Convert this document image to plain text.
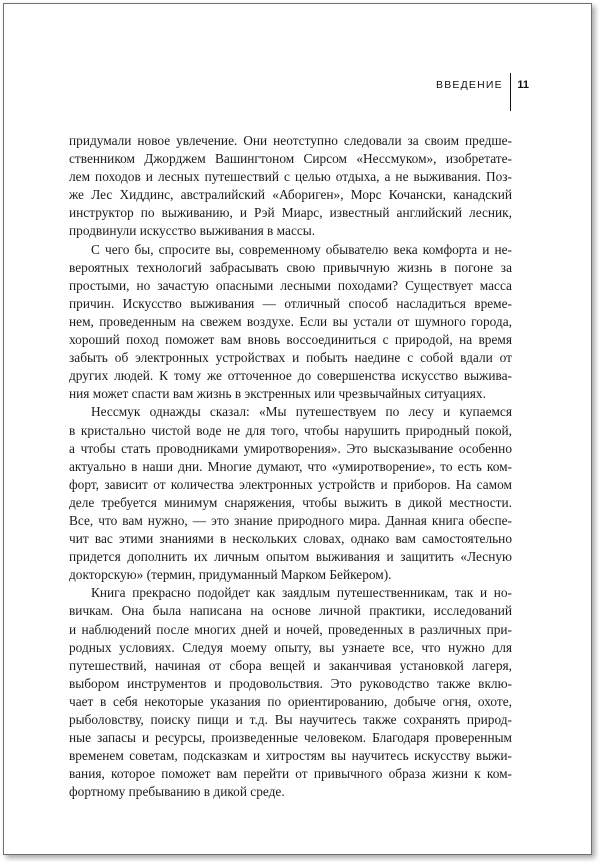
ВВЕДЕНИЕ	11
придумали новое увлечение. Они неотступно следовали за своим предше-
ственником Джорджем Вашингтоном Сирсом «Нессмуком», изобретате-
лем походов и лесных путешествий с целью отдыха, а не выживания. Поз-
же Лес Хиддинс, австралийский «Абориген», Морс Кочански, канадский
инструктор по выживанию, и Рэй Миарс, известный английский лесник,
продвинули искусство выживания в массы.
С чего бы, спросите вы, современному обывателю века комфорта и не-
вероятных технологий забрасывать свою привычную жизнь в погоне за
простыми, но зачастую опасными лесными походами? Существует масса
причин. Искусство выживания — отличный способ насладиться време-
нем, проведенным на свежем воздухе. Если вы устали от шумного города,
хороший поход поможет вам вновь воссоединиться с природой, на время
забыть об электронных устройствах и побыть наедине с собой вдали от
других людей. К тому же отточенное до совершенства искусство выжива-
ния может спасти вам жизнь в экстренных или чрезвычайных ситуациях.
Нессмук однажды сказал: «Мы путешествуем по лесу и купаемся
в кристально чистой воде не для того, чтобы нарушить природный покой,
а чтобы стать проводниками умиротворения». Это высказывание особенно
актуально в наши дни. Многие думают, что «умиротворение», то есть ком-
форт, зависит от количества электронных устройств и приборов. На самом
деле требуется минимум снаряжения, чтобы выжить в дикой местности.
Все, что вам нужно, — это знание природного мира. Данная книга обеспе-
чит вас этими знаниями в нескольких словах, однако вам самостоятельно
придется дополнить их личным опытом выживания и защитить «Лесную
докторскую» (термин, придуманный Марком Бейкером).
Книга прекрасно подойдет как заядлым путешественникам, так и но-
вичкам. Она была написана на основе личной практики, исследований
и наблюдений после многих дней и ночей, проведенных в различных при-
родных условиях. Следуя моему опыту, вы узнаете все, что нужно для
путешествий, начиная от сбора вещей и заканчивая установкой лагеря,
выбором инструментов и продовольствия. Это руководство также вклю-
чает в себя некоторые указания по ориентированию, добыче огня, охоте,
рыболовству, поиску пищи и т.д. Вы научитесь также сохранять природ-
ные запасы и ресурсы, произведенные человеком. Благодаря проверенным
временем советам, подсказкам и хитростям вы научитесь искусству выжи-
вания, которое поможет вам перейти от привычного образа жизни к ком-
фортному пребыванию в дикой среде.
